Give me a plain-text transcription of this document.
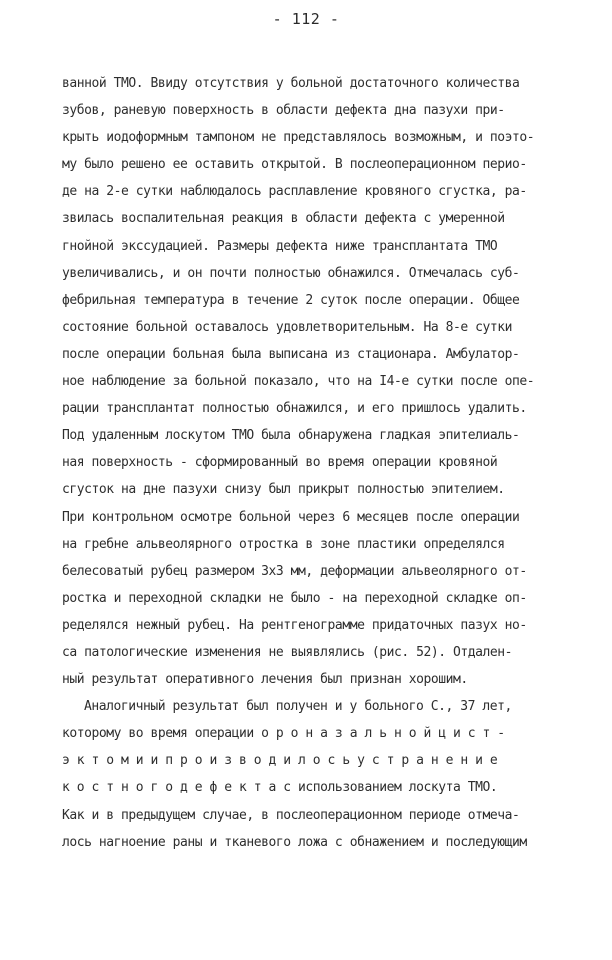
- 112 -
ванной ТМО. Ввиду отсутствия у больной достаточного количества
зубов, раневую поверхность в области дефекта дна пазухи при-
крыть иодоформным тампоном не представлялось возможным, и поэто-
му было решено ее оставить открытой. В послеоперационном перио-
де на 2-е сутки наблюдалось расплавление кровяного сгустка, ра-
звилась воспалительная реакция в области дефекта с умеренной
гнойной экссудацией. Размеры дефекта ниже трансплантата ТМО
увеличивались, и он почти полностью обнажился. Отмечалась суб-
фебрильная температура в течение 2 суток после операции. Общее
состояние больной оставалось удовлетворительным. На 8-е сутки
после операции больная была выписана из стационара. Амбулатор-
ное наблюдение за больной показало, что на I4-е сутки после опе-
рации трансплантат полностью обнажился, и его пришлось удалить.
Под удаленным лоскутом ТМО была обнаружена гладкая эпителиаль-
ная поверхность - сформированный во время операции кровяной
сгусток на дне пазухи снизу был прикрыт полностью эпителием.
При контрольном осмотре больной через 6 месяцев после операции
на гребне альвеолярного отростка в зоне пластики определялся
белесоватый рубец размером 3х3 мм, деформации альвеолярного от-
ростка и переходной складки не было - на переходной складке оп-
ределялся нежный рубец. На рентгенограмме придаточных пазух но-
са патологические изменения не выявлялись (рис. 52). Отдален-
ный результат оперативного лечения был признан хорошим.
Аналогичный результат был получен и у больного С., 37 лет,
которому во время операции о р о н а з а л ь н о й ц и с т -
э к т о м и и п р о и з в о д и л о с ь у с т р а н е н и е
к о с т н о г о д е ф е к т а с использованием лоскута ТМО.
Как и в предыдущем случае, в послеоперационном периоде отмеча-
лось нагноение раны и тканевого ложа с обнажением и последующим
